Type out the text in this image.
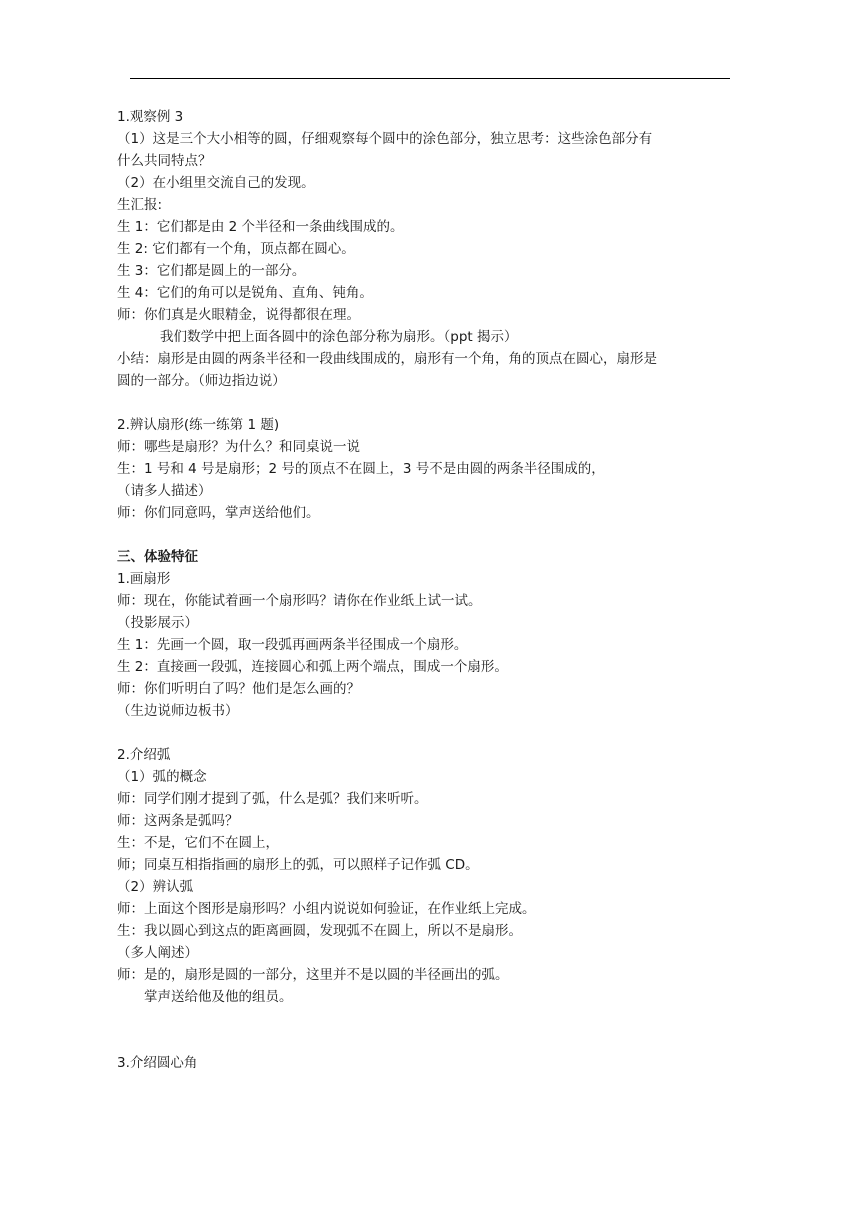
1.观察例 3

（1）这是三个大小相等的圆，仔细观察每个圆中的涂色部分，独立思考：这些涂色部分有

什么共同特点？

（2）在小组里交流自己的发现。

生汇报:

生 1：它们都是由 2 个半径和一条曲线围成的。

生 2: 它们都有一个角，顶点都在圆心。

生 3：它们都是圆上的一部分。

生 4：它们的角可以是锐角、直角、钝角。

师：你们真是火眼精金，说得都很在理。

我们数学中把上面各圆中的涂色部分称为扇形。（ppt 揭示）

小结：扇形是由圆的两条半径和一段曲线围成的，扇形有一个角，角的顶点在圆心，扇形是

圆的一部分。（师边指边说）

2.辨认扇形(练一练第 1 题)

师：哪些是扇形？为什么？和同桌说一说

生：1 号和 4 号是扇形；2 号的顶点不在圆上，3 号不是由圆的两条半径围成的，

（请多人描述）

师：你们同意吗，掌声送给他们。

三、体验特征

1.画扇形

师：现在，你能试着画一个扇形吗？请你在作业纸上试一试。

（投影展示）

生 1：先画一个圆，取一段弧再画两条半径围成一个扇形。

生 2：直接画一段弧，连接圆心和弧上两个端点，围成一个扇形。

师：你们听明白了吗？他们是怎么画的？

（生边说师边板书）

2.介绍弧

（1）弧的概念

师：同学们刚才提到了弧，什么是弧？我们来听听。

师：这两条是弧吗？

生：不是，它们不在圆上，

师；同桌互相指指画的扇形上的弧，可以照样子记作弧 CD。

（2）辨认弧

师：上面这个图形是扇形吗？小组内说说如何验证，在作业纸上完成。

生：我以圆心到这点的距离画圆，发现弧不在圆上，所以不是扇形。

（多人阐述）

师：是的，扇形是圆的一部分，这里并不是以圆的半径画出的弧。

掌声送给他及他的组员。

3.介绍圆心角
